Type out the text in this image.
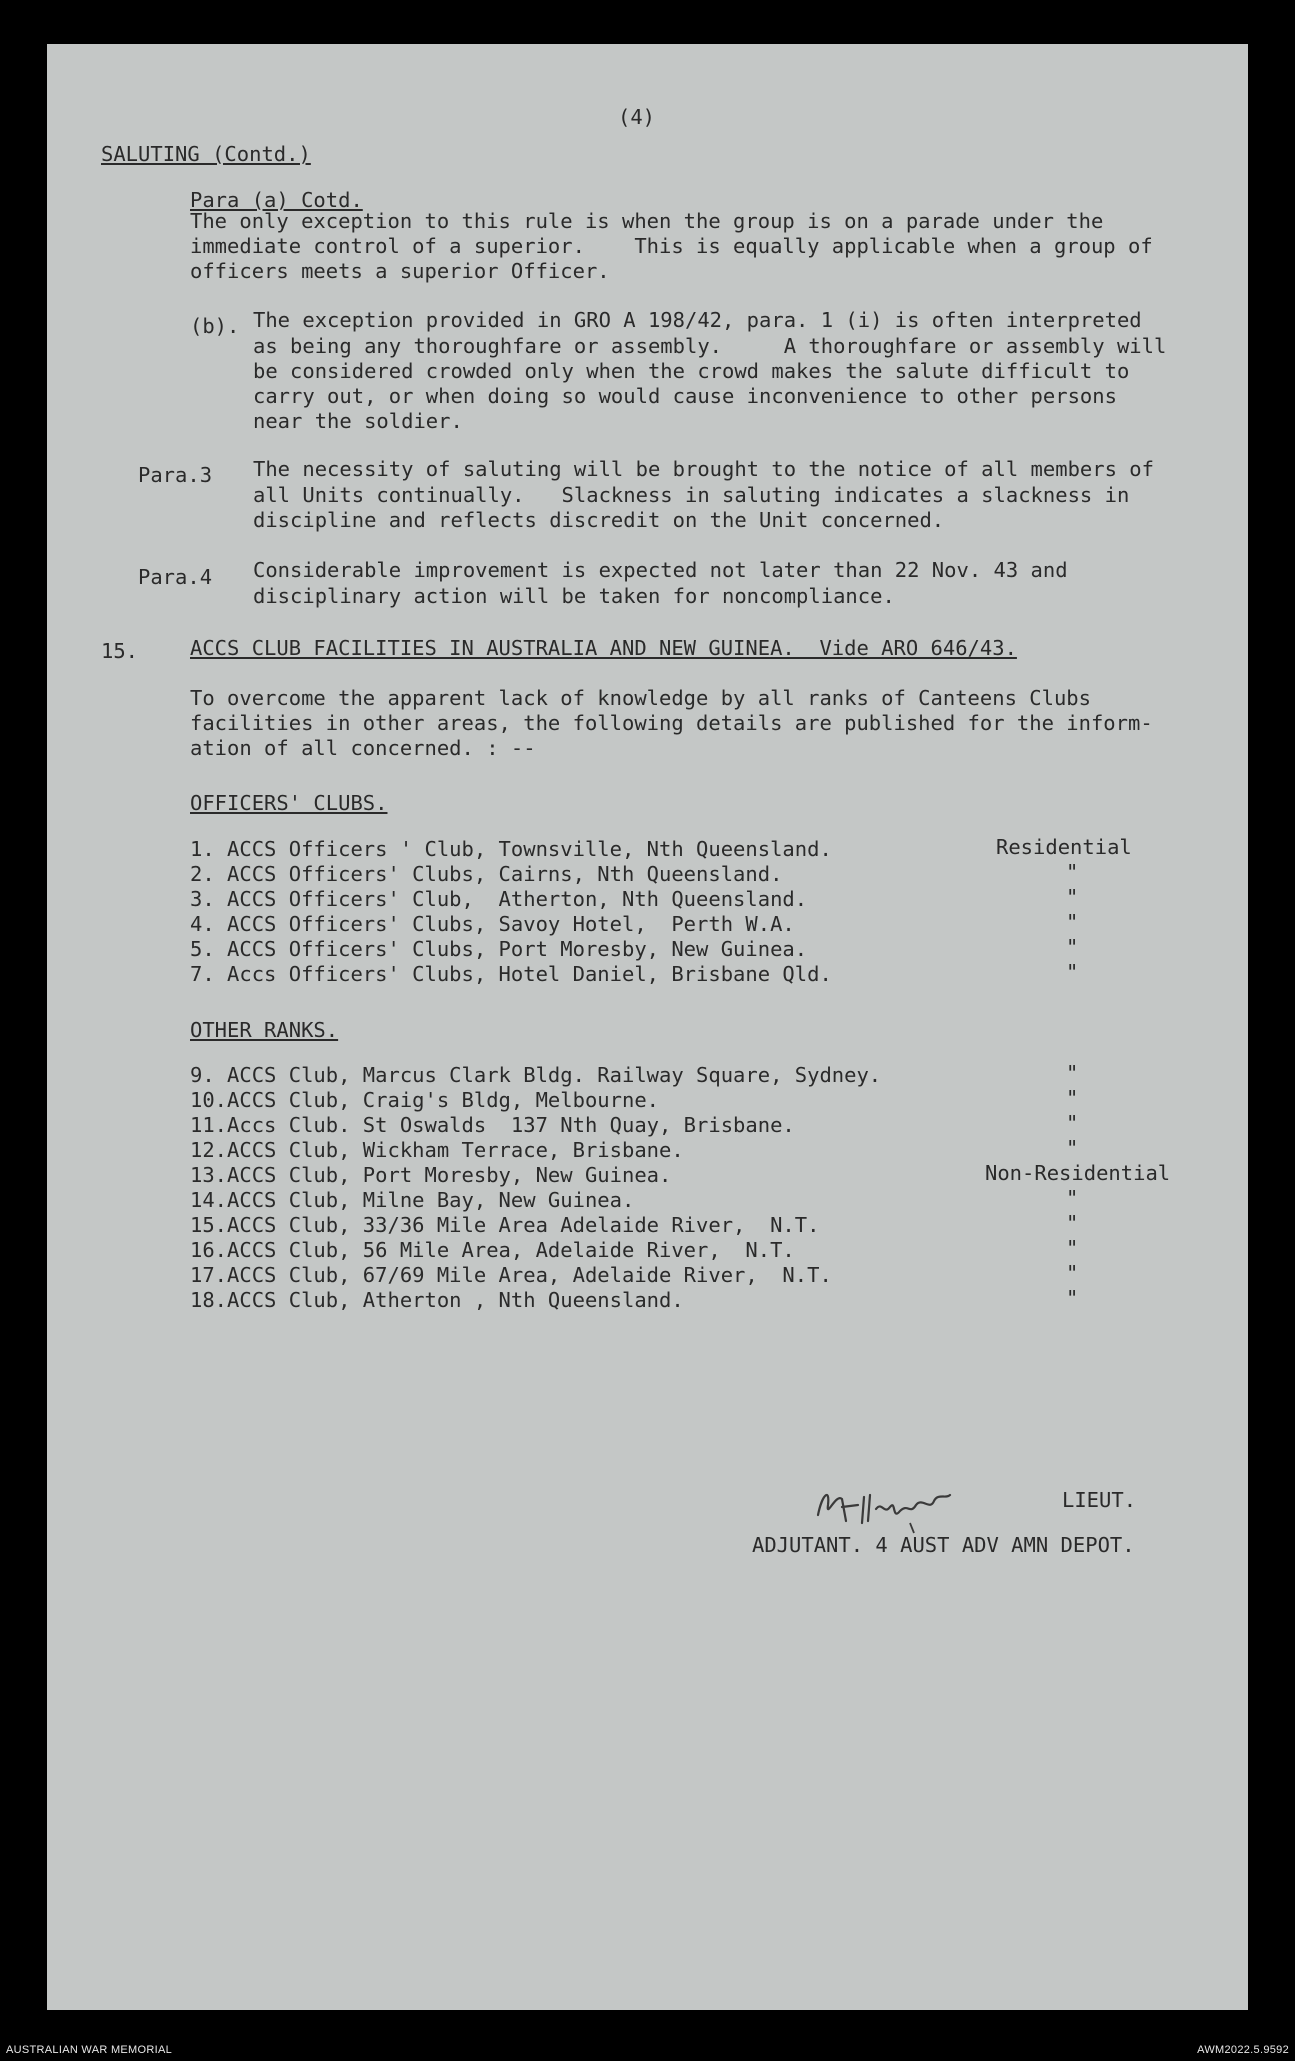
(4)
SALUTING (Contd.)
Para (a) Cotd.
The only exception to this rule is when the group is on a parade under the
immediate control of a superior.    This is equally applicable when a group of
officers meets a superior Officer.
(b). The exception provided in GRO A 198/42, para. 1 (i) is often interpreted
as being any thoroughfare or assembly.     A thoroughfare or assembly will
be considered crowded only when the crowd makes the salute difficult to
carry out, or when doing so would cause inconvenience to other persons
near the soldier.
Para.3 The necessity of saluting will be brought to the notice of all members of
all Units continually.   Slackness in saluting indicates a slackness in
discipline and reflects discredit on the Unit concerned.
Para.4 Considerable improvement is expected not later than 22 Nov. 43 and
disciplinary action will be taken for noncompliance.
15.	ACCS CLUB FACILITIES IN AUSTRALIA AND NEW GUINEA.  Vide ARO 646/43.
To overcome the apparent lack of knowledge by all ranks of Canteens Clubs
facilities in other areas, the following details are published for the inform-
ation of all concerned. : --
OFFICERS' CLUBS.
1. ACCS Officers ' Club, Townsville, Nth Queensland.	Residential
2. ACCS Officers' Clubs, Cairns, Nth Queensland.	"
3. ACCS Officers' Club,  Atherton, Nth Queensland.	"
4. ACCS Officers' Clubs, Savoy Hotel,  Perth W.A.	"
5. ACCS Officers' Clubs, Port Moresby, New Guinea.	"
7. Accs Officers' Clubs, Hotel Daniel, Brisbane Qld.	"
OTHER RANKS.
9. ACCS Club, Marcus Clark Bldg. Railway Square, Sydney.	"
10.ACCS Club, Craig's Bldg, Melbourne.	"
11.Accs Club. St Oswalds  137 Nth Quay, Brisbane.	"
12.ACCS Club, Wickham Terrace, Brisbane.	"
13.ACCS Club, Port Moresby, New Guinea.	Non-Residential
14.ACCS Club, Milne Bay, New Guinea.	"
15.ACCS Club, 33/36 Mile Area Adelaide River,  N.T.	"
16.ACCS Club, 56 Mile Area, Adelaide River,  N.T.	"
17.ACCS Club, 67/69 Mile Area, Adelaide River,  N.T.	"
18.ACCS Club, Atherton , Nth Queensland.	"
LIEUT.
ADJUTANT. 4 AUST ADV AMN DEPOT.
AUSTRALIAN WAR MEMORIAL	AWM2022.5.9592
